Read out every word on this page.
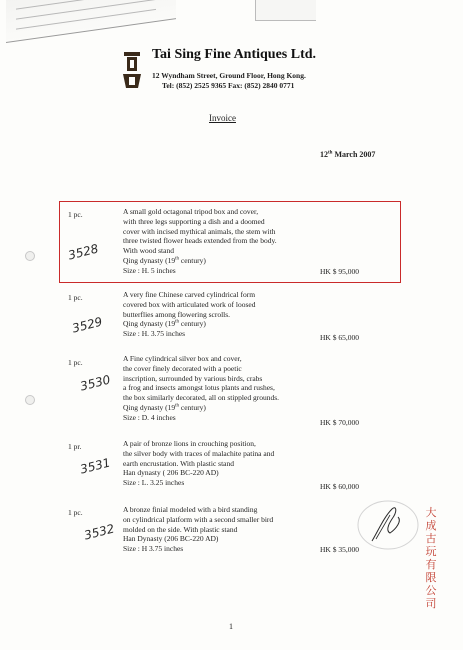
Tai Sing Fine Antiques Ltd.
12 Wyndham Street, Ground Floor, Hong Kong.
Tel: (852) 2525 9365 Fax: (852) 2840 0771
Invoice
12th March 2007
1 pc.
3528
A small gold octagonal tripod box and cover,
with three legs supporting a dish and a doomed
cover with incised mythical animals, the stem with
three twisted flower heads extended from the body.
With wood stand
Qing dynasty (19th century)
Size : H. 5 inches	HK $ 95,000
1 pc.
3529
A very fine Chinese carved cylindrical form
covered box with articulated work of loosed
butterflies among flowering scrolls.
Qing dynasty (19th century)
Size : H. 3.75 inches	HK $ 65,000
1 pc.
3530
A Fine cylindrical silver box and cover,
the cover finely decorated with a poetic
inscription, surrounded by various birds, crabs
a frog and insects amongst lotus plants and rushes,
the box similarly decorated, all on stippled grounds.
Qing dynasty (19th century)
Size : D. 4 inches
HK $ 70,000
1 pr.
3531
A pair of bronze lions in crouching position,
the silver body with traces of malachite patina and
earth encrustation. With plastic stand
Han dynasty ( 206 BC-220 AD)
Size : L. 3.25 inches	HK $ 60,000
1 pc.
3532
A bronze finial modeled with a bird standing
on cylindrical platform with a second smaller bird
molded on the side. With plastic stand
Han Dynasty (206 BC-220 AD)
Size : H 3.75 inches	HK $ 35,000
大成古玩有限公司
1
